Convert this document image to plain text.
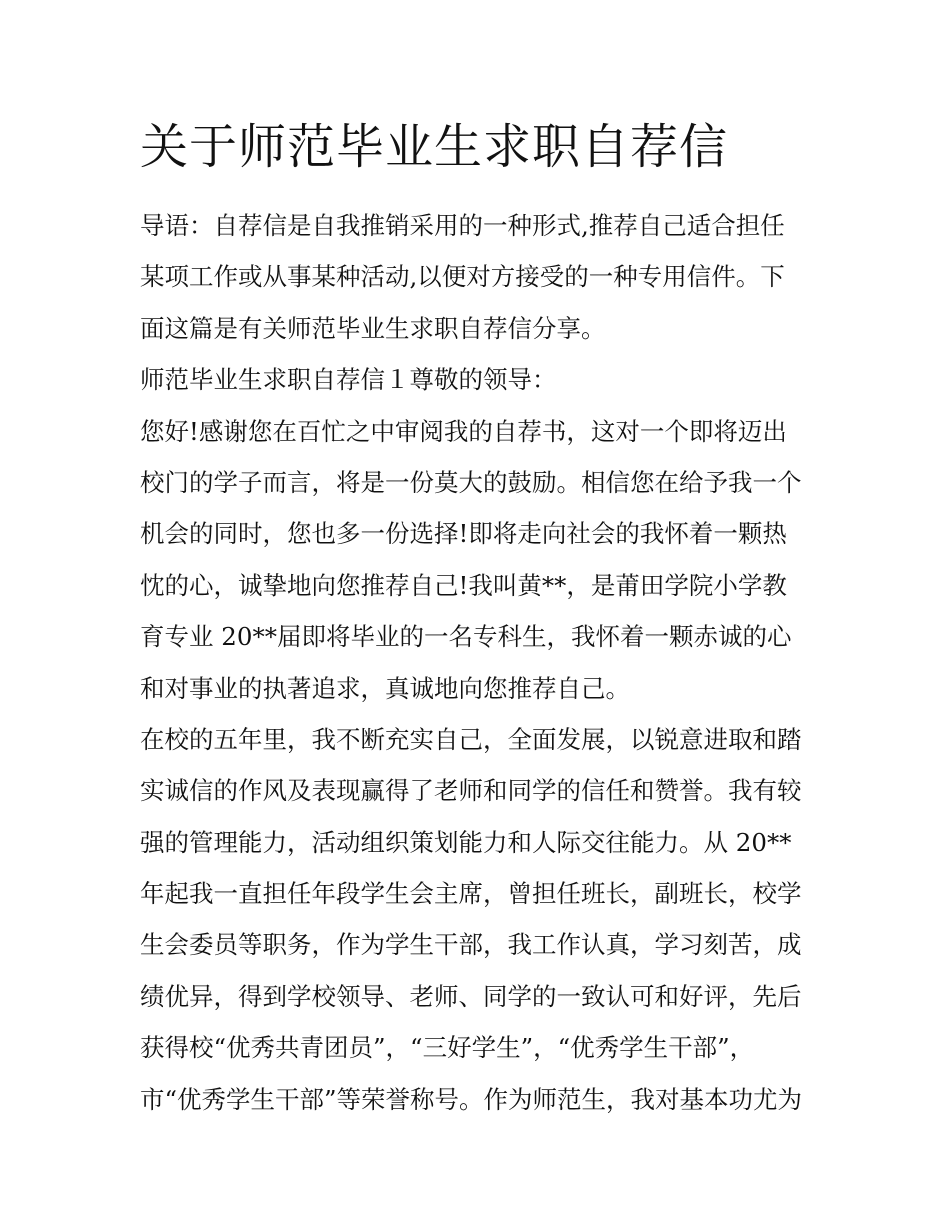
关于师范毕业生求职自荐信
导语：自荐信是自我推销采用的一种形式,推荐自己适合担任
某项工作或从事某种活动,以便对方接受的一种专用信件。下
面这篇是有关师范毕业生求职自荐信分享。
师范毕业生求职自荐信１尊敬的领导：
您好!感谢您在百忙之中审阅我的自荐书，这对一个即将迈出
校门的学子而言，将是一份莫大的鼓励。相信您在给予我一个
机会的同时，您也多一份选择!即将走向社会的我怀着一颗热
忱的心，诚挚地向您推荐自己!我叫黄**，是莆田学院小学教
育专业 20**届即将毕业的一名专科生，我怀着一颗赤诚的心
和对事业的执著追求，真诚地向您推荐自己。
在校的五年里，我不断充实自己，全面发展，以锐意进取和踏
实诚信的作风及表现赢得了老师和同学的信任和赞誉。我有较
强的管理能力，活动组织策划能力和人际交往能力。从 20**
年起我一直担任年段学生会主席，曾担任班长，副班长，校学
生会委员等职务，作为学生干部，我工作认真，学习刻苦，成
绩优异，得到学校领导、老师、同学的一致认可和好评，先后
获得校“优秀共青团员”，“三好学生”，“优秀学生干部”，
市“优秀学生干部”等荣誉称号。作为师范生，我对基本功尤为
